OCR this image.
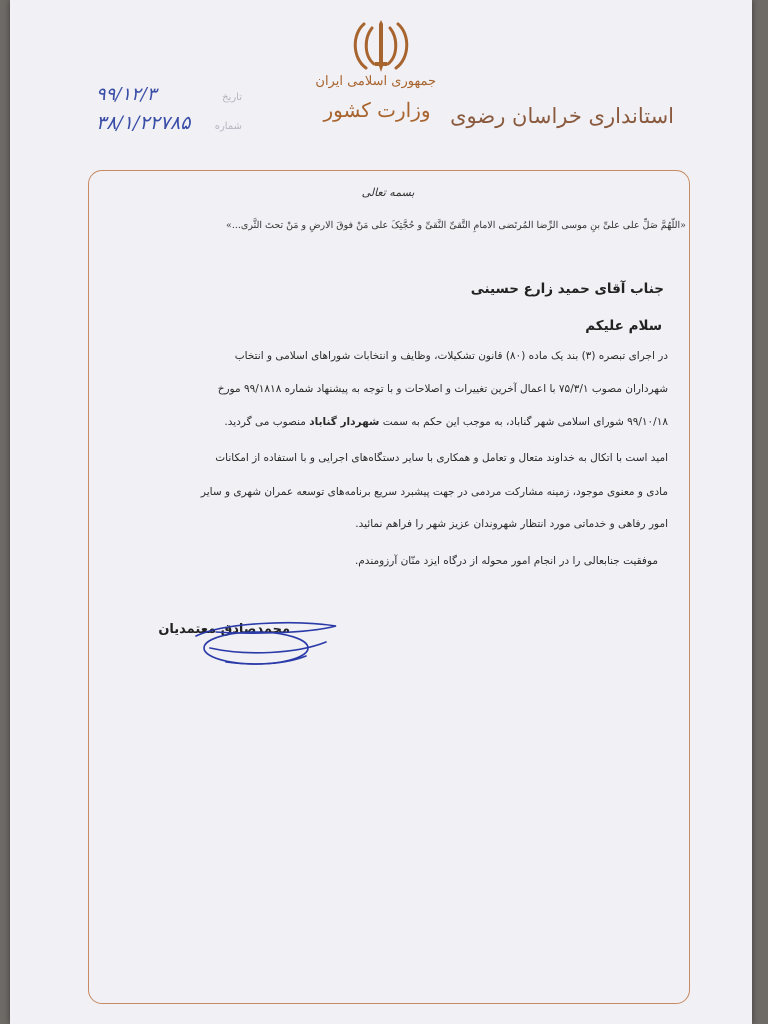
جمهوری اسلامی ایران
وزارت کشور استانداری خراسان رضوی
تاریخ
۹۹/۱۲/۳
شماره
۳۸/۱/۲۲۷۸۵
بسمه تعالی
«اللّهُمَّ صَلِّ علی علیِّ بنِ موسی الرِّضا المُرتَضی الامامِ التَّقیِّ النَّقیِّ و حُجَّتِکَ علی مَنْ فوقَ الارضِ و مَنْ تحتَ الثَّری...»
جناب آقای حمید زارع حسینی
سلام علیکم
در اجرای تبصره (۳) بند یک ماده (۸۰) قانون تشکیلات، وظایف و انتخابات شوراهای اسلامی و انتخاب
شهرداران مصوب ۷۵/۳/۱ با اعمال آخرین تغییرات و اصلاحات و با توجه به پیشنهاد شماره ۹۹/۱۸۱۸ مورخ
۹۹/۱۰/۱۸ شورای اسلامی شهر گناباد، به موجب این حکم به سمت شهردار گناباد منصوب می گردید.
امید است با اتکال به خداوند متعال و تعامل و همکاری با سایر دستگاه‌های اجرایی و با استفاده از امکانات
مادی و معنوی موجود، زمینه مشارکت مردمی در جهت پیشبرد سریع برنامه‌های توسعه عمران شهری و سایر
امور رفاهی و خدماتی مورد انتظار شهروندان عزیز شهر را فراهم نمائید.
موفقیت جنابعالی را در انجام امور محوله از درگاه ایزد منّان آرزومندم.
محمدصادق معتمدیان
